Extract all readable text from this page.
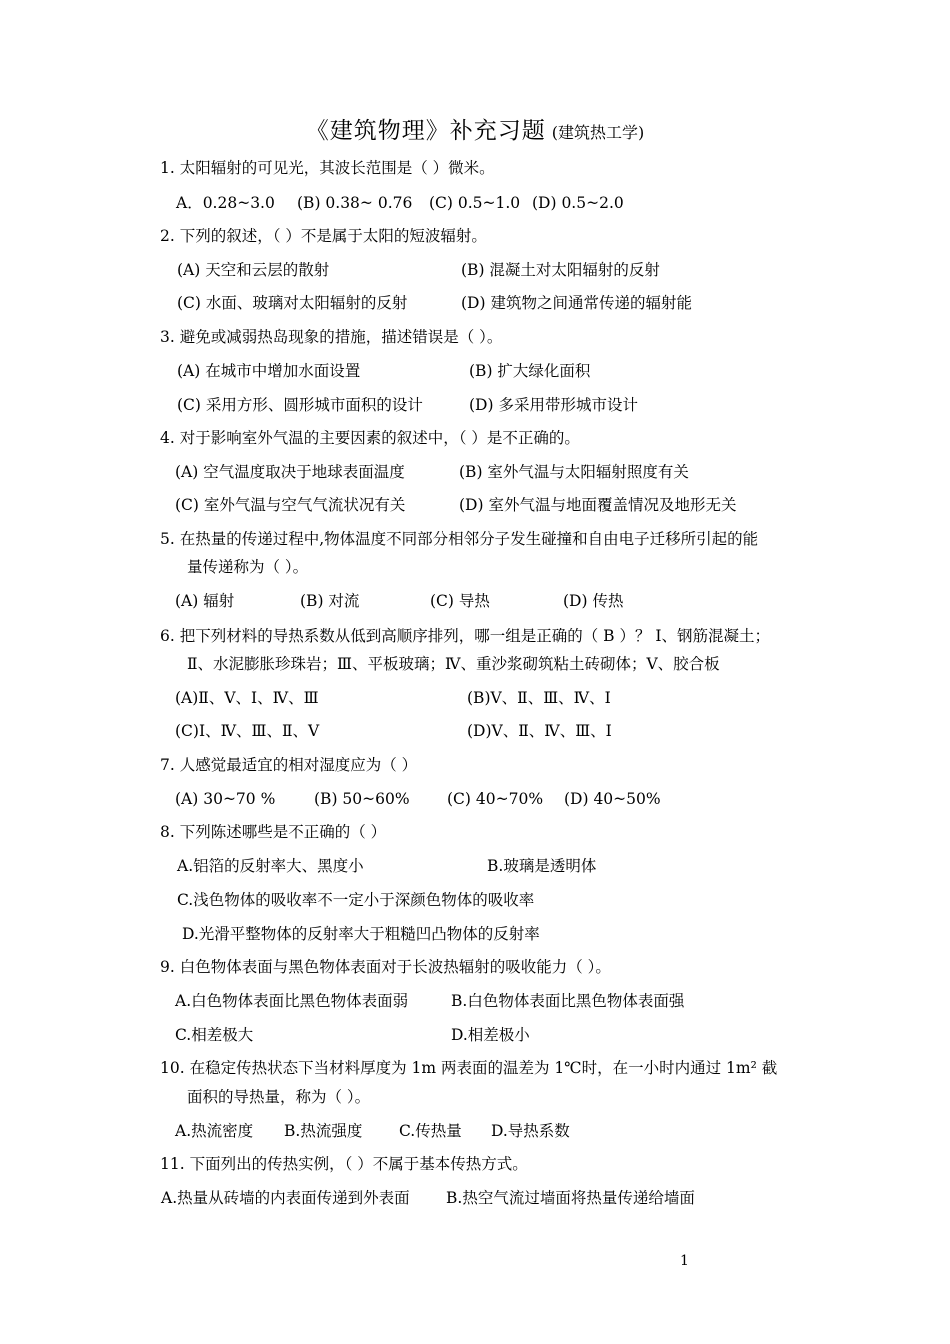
《建筑物理》补充习题 (建筑热工学)
1. 太阳辐射的可见光，其波长范围是（ ）微米。
A．0.28~3.0 (B) 0.38~ 0.76 (C) 0.5~1.0 (D) 0.5~2.0
2. 下列的叙述，（ ）不是属于太阳的短波辐射。
(A) 天空和云层的散射	(B) 混凝土对太阳辐射的反射
(C) 水面、玻璃对太阳辐射的反射	(D) 建筑物之间通常传递的辐射能
3. 避免或减弱热岛现象的措施，描述错误是（ ）。
(A) 在城市中增加水面设置	(B) 扩大绿化面积
(C) 采用方形、圆形城市面积的设计	(D) 多采用带形城市设计
4. 对于影响室外气温的主要因素的叙述中，（ ）是不正确的。
(A) 空气温度取决于地球表面温度	(B) 室外气温与太阳辐射照度有关
(C) 室外气温与空气气流状况有关	(D) 室外气温与地面覆盖情况及地形无关
5. 在热量的传递过程中,物体温度不同部分相邻分子发生碰撞和自由电子迁移所引起的能
量传递称为（ ）。
(A) 辐射	(B) 对流	(C) 导热	(D) 传热
6. 把下列材料的导热系数从低到高顺序排列，哪一组是正确的（ B ）？ Ⅰ、钢筋混凝土；
Ⅱ、水泥膨胀珍珠岩；Ⅲ、平板玻璃；Ⅳ、重沙浆砌筑粘土砖砌体；Ⅴ、胶合板
(A)Ⅱ、Ⅴ、Ⅰ、Ⅳ、Ⅲ	(B)Ⅴ、Ⅱ、Ⅲ、Ⅳ、Ⅰ
(C)Ⅰ、Ⅳ、Ⅲ、Ⅱ、Ⅴ	(D)Ⅴ、Ⅱ、Ⅳ、Ⅲ、Ⅰ
7. 人感觉最适宜的相对湿度应为（ ）
(A) 30~70 % (B) 50~60% (C) 40~70% (D) 40~50%
8. 下列陈述哪些是不正确的（ ）
A.铝箔的反射率大、黑度小	B.玻璃是透明体
C.浅色物体的吸收率不一定小于深颜色物体的吸收率
D.光滑平整物体的反射率大于粗糙凹凸物体的反射率
9. 白色物体表面与黑色物体表面对于长波热辐射的吸收能力（ ）。
A.白色物体表面比黑色物体表面弱	B.白色物体表面比黑色物体表面强
C.相差极大	D.相差极小
10. 在稳定传热状态下当材料厚度为 1m 两表面的温差为 1℃时，在一小时内通过 1m² 截
面积的导热量，称为（ ）。
A.热流密度 B.热流强度 C.传热量 D.导热系数
11. 下面列出的传热实例，（ ）不属于基本传热方式。
A.热量从砖墙的内表面传递到外表面 B.热空气流过墙面将热量传递给墙面
1
